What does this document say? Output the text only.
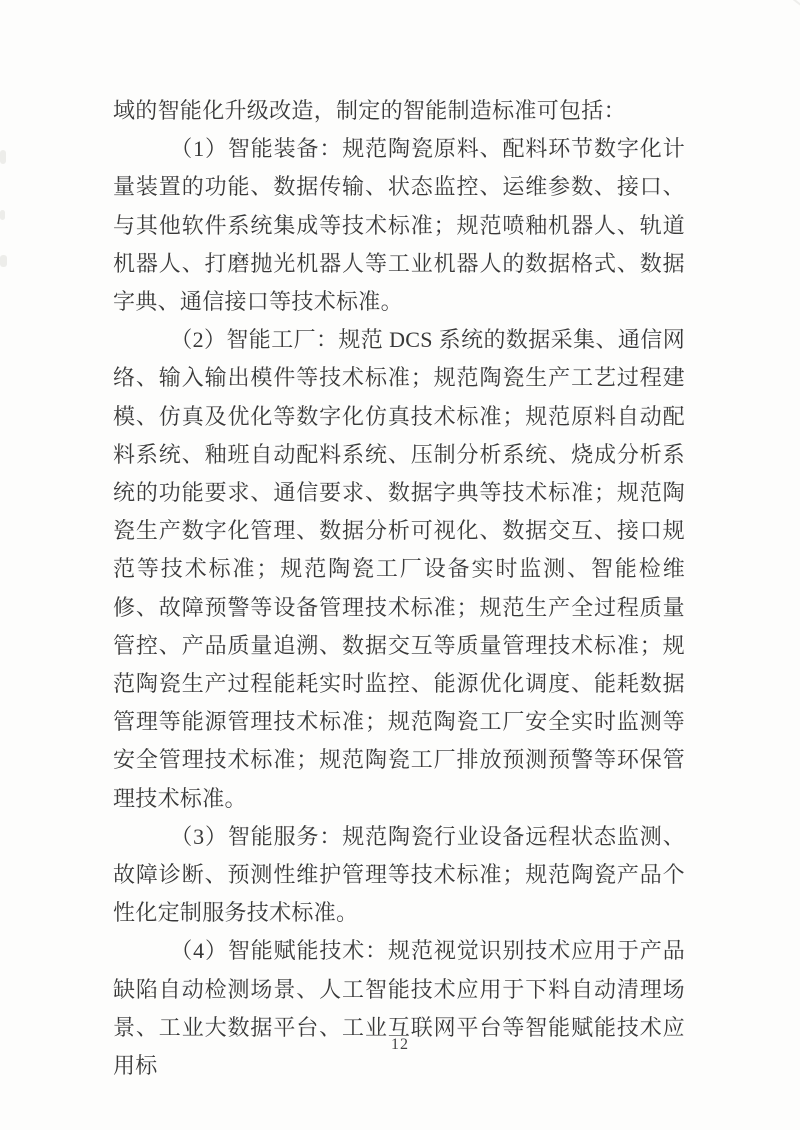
域的智能化升级改造，制定的智能制造标准可包括：

（1）智能装备：规范陶瓷原料、配料环节数字化计量装置的功能、数据传输、状态监控、运维参数、接口、与其他软件系统集成等技术标准；规范喷釉机器人、轨道机器人、打磨抛光机器人等工业机器人的数据格式、数据字典、通信接口等技术标准。

（2）智能工厂：规范 DCS 系统的数据采集、通信网络、输入输出模件等技术标准；规范陶瓷生产工艺过程建模、仿真及优化等数字化仿真技术标准；规范原料自动配料系统、釉班自动配料系统、压制分析系统、烧成分析系统的功能要求、通信要求、数据字典等技术标准；规范陶瓷生产数字化管理、数据分析可视化、数据交互、接口规范等技术标准；规范陶瓷工厂设备实时监测、智能检维修、故障预警等设备管理技术标准；规范生产全过程质量管控、产品质量追溯、数据交互等质量管理技术标准；规范陶瓷生产过程能耗实时监控、能源优化调度、能耗数据管理等能源管理技术标准；规范陶瓷工厂安全实时监测等安全管理技术标准；规范陶瓷工厂排放预测预警等环保管理技术标准。

（3）智能服务：规范陶瓷行业设备远程状态监测、故障诊断、预测性维护管理等技术标准；规范陶瓷产品个性化定制服务技术标准。

（4）智能赋能技术：规范视觉识别技术应用于产品缺陷自动检测场景、人工智能技术应用于下料自动清理场景、工业大数据平台、工业互联网平台等智能赋能技术应用标

12
